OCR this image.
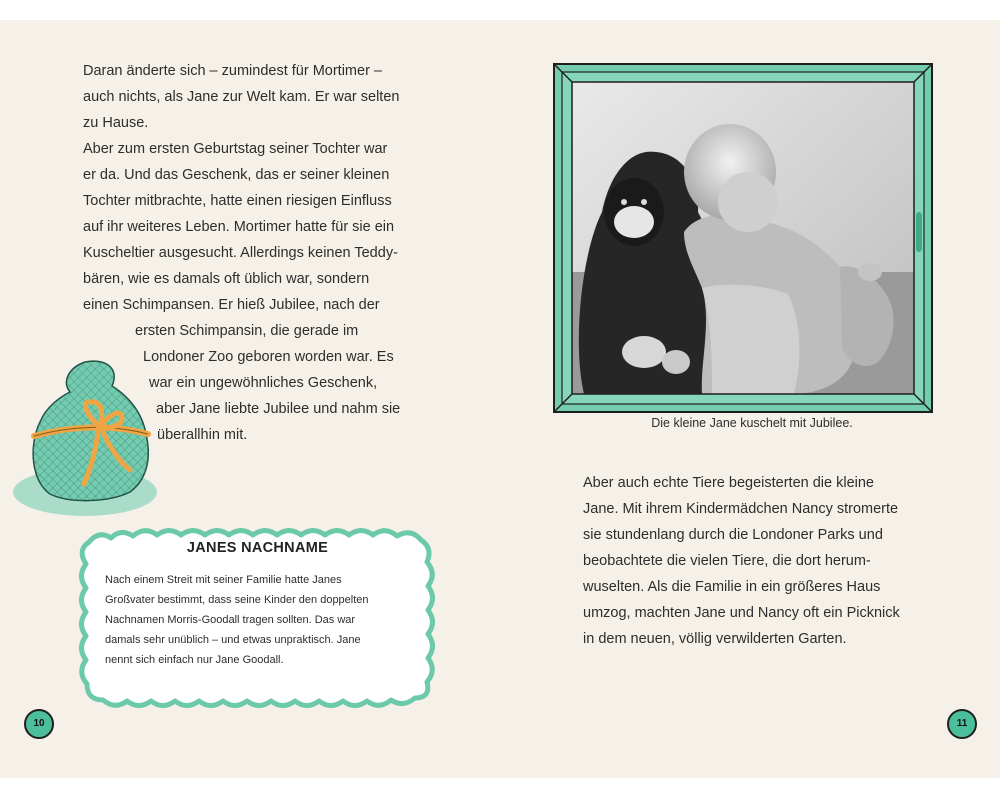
Daran änderte sich – zumindest für Mortimer –
auch nichts, als Jane zur Welt kam. Er war selten
zu Hause.
Aber zum ersten Geburtstag seiner Tochter war
er da. Und das Geschenk, das er seiner kleinen
Tochter mitbrachte, hatte einen riesigen Einfluss
auf ihr weiteres Leben. Mortimer hatte für sie ein
Kuscheltier ausgesucht. Allerdings keinen Teddy-
bären, wie es damals oft üblich war, sondern
einen Schimpansen. Er hieß Jubilee, nach der
ersten Schimpansin, die gerade im
Londoner Zoo geboren worden war. Es
war ein ungewöhnliches Geschenk,
aber Jane liebte Jubilee und nahm sie
überallhin mit.
JANES NACHNAME
Nach einem Streit mit seiner Familie hatte Janes
Großvater bestimmt, dass seine Kinder den doppelten
Nachnamen Morris-Goodall tragen sollten. Das war
damals sehr unüblich – und etwas unpraktisch. Jane
nennt sich einfach nur Jane Goodall.
Die kleine Jane kuschelt mit Jubilee.
Aber auch echte Tiere begeisterten die kleine
Jane. Mit ihrem Kindermädchen Nancy stromerte
sie stundenlang durch die Londoner Parks und
beobachtete die vielen Tiere, die dort herum-
wuselten. Als die Familie in ein größeres Haus
umzog, machten Jane und Nancy oft ein Picknick
in dem neuen, völlig verwilderten Garten.
10	11
